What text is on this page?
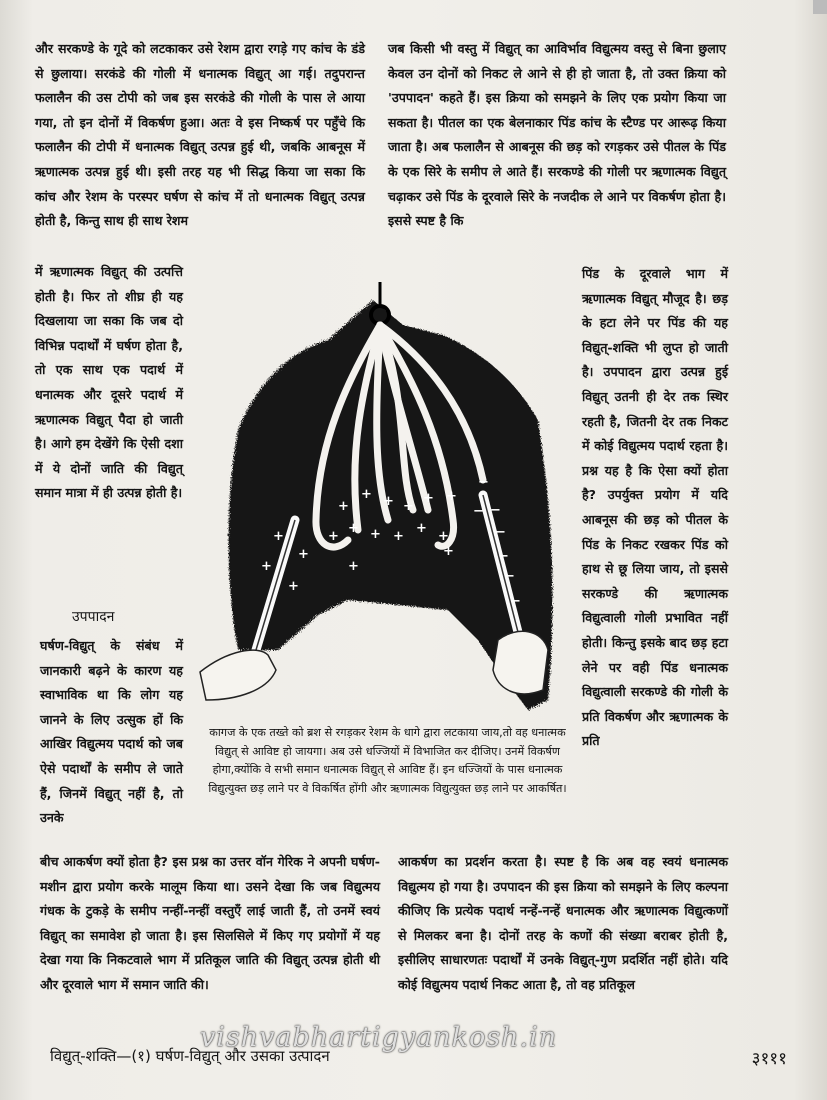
और सरकण्डे के गूदे को लटकाकर उसे रेशम द्वारा रगड़े गए कांच के डंडे से छुलाया। सरकंडे की गोली में धनात्मक विद्युत् आ गई। तदुपरान्त फलालैन की उस टोपी को जब इस सरकंडे की गोली के पास ले आया गया, तो इन दोनों में विकर्षण हुआ। अतः वे इस निष्कर्ष पर पहुँचे कि फलालैन की टोपी में धनात्मक विद्युत् उत्पन्न हुई थी, जबकि आबनूस में ऋणात्मक उत्पन्न हुई थी। इसी तरह यह भी सिद्ध किया जा सका कि कांच और रेशम के परस्पर घर्षण से कांच में तो धनात्मक विद्युत् उत्पन्न होती है, किन्तु साथ ही साथ रेशम

जब किसी भी वस्तु में विद्युत् का आविर्भाव विद्युत्मय वस्तु से बिना छुलाए केवल उन दोनों को निकट ले आने से ही हो जाता है, तो उक्त क्रिया को 'उपपादन' कहते हैं। इस क्रिया को समझने के लिए एक प्रयोग किया जा सकता है। पीतल का एक बेलनाकार पिंड कांच के स्टैण्ड पर आरूढ़ किया जाता है। अब फलालैन से आबनूस की छड़ को रगड़कर उसे पीतल के पिंड के एक सिरे के समीप ले आते हैं। सरकण्डे की गोली पर ऋणात्मक विद्युत् चढ़ाकर उसे पिंड के दूरवाले सिरे के नजदीक ले आने पर विकर्षण होता है। इससे स्पष्ट है कि

में ऋणात्मक विद्युत् की उत्पत्ति होती है। फिर तो शीघ्र ही यह दिखलाया जा सका कि जब दो विभिन्न पदार्थों में घर्षण होता है, तो एक साथ एक पदार्थ में धनात्मक और दूसरे पदार्थ में ऋणात्मक विद्युत् पैदा हो जाती है। आगे हम देखेंगे कि ऐसी दशा में ये दोनों जाति की विद्युत् समान मात्रा में ही उत्पन्न होती है।

उपपादन

घर्षण-विद्युत् के संबंध में जानकारी बढ़ने के कारण यह स्वाभाविक था कि लोग यह जानने के लिए उत्सुक हों कि आखिर विद्युत्मय पदार्थ को जब ऐसे पदार्थों के समीप ले जाते हैं, जिनमें विद्युत् नहीं है, तो उनके

पिंड के दूरवाले भाग में ऋणात्मक विद्युत् मौजूद है। छड़ के हटा लेने पर पिंड की यह विद्युत्-शक्ति भी लुप्त हो जाती है। उपपादन द्वारा उत्पन्न हुई विद्युत् उतनी ही देर तक स्थिर रहती है, जितनी देर तक निकट में कोई विद्युत्मय पदार्थ रहता है। प्रश्न यह है कि ऐसा क्यों होता है? उपर्युक्त प्रयोग में यदि आबनूस की छड़ को पीतल के पिंड के निकट रखकर पिंड को हाथ से छू लिया जाय, तो इससे सरकण्डे की ऋणात्मक विद्युत्वाली गोली प्रभावित नहीं होती। किन्तु इसके बाद छड़ हटा लेने पर वही पिंड धनात्मक विद्युत्वाली सरकण्डे की गोली के प्रति विकर्षण और ऋणात्मक के प्रति

+
+ + +
+ +
+
+ + +
+
+
+
+
+
+
+
+
−
−
−
−
−
−
−

कागज के एक तख्ते को ब्रश से रगड़कर रेशम के धागे द्वारा लटकाया जाय,तो वह धनात्मक विद्युत् से आविष्ट हो जायगा। अब उसे धज्जियों में विभाजित कर दीजिए। उनमें विकर्षण होगा,क्योंकि वे सभी समान धनात्मक विद्युत् से आविष्ट हैं। इन धज्जियों के पास धनात्मक विद्युत्युक्त छड़ लाने पर वे विकर्षित होंगी और ऋणात्मक विद्युत्युक्त छड़ लाने पर आकर्षित।

बीच आकर्षण क्यों होता है? इस प्रश्न का उत्तर वॉन गेरिक ने अपनी घर्षण-मशीन द्वारा प्रयोग करके मालूम किया था। उसने देखा कि जब विद्युत्मय गंधक के टुकड़े के समीप नन्हीं-नन्हीं वस्तुएँ लाई जाती हैं, तो उनमें स्वयं विद्युत् का समावेश हो जाता है। इस सिलसिले में किए गए प्रयोगों में यह देखा गया कि निकटवाले भाग में प्रतिकूल जाति की विद्युत् उत्पन्न होती थी और दूरवाले भाग में समान जाति की।

आकर्षण का प्रदर्शन करता है। स्पष्ट है कि अब वह स्वयं धनात्मक विद्युत्मय हो गया है। उपपादन की इस क्रिया को समझने के लिए कल्पना कीजिए कि प्रत्येक पदार्थ नन्हें-नन्हें धनात्मक और ऋणात्मक विद्युत्कणों से मिलकर बना है। दोनों तरह के कणों की संख्या बराबर होती है, इसीलिए साधारणतः पदार्थों में उनके विद्युत्-गुण प्रदर्शित नहीं होते। यदि कोई विद्युत्मय पदार्थ निकट आता है, तो वह प्रतिकूल

vishvabhartigyankosh.in
विद्युत्-शक्ति—(१) घर्षण-विद्युत् और उसका उत्पादन	३१११
